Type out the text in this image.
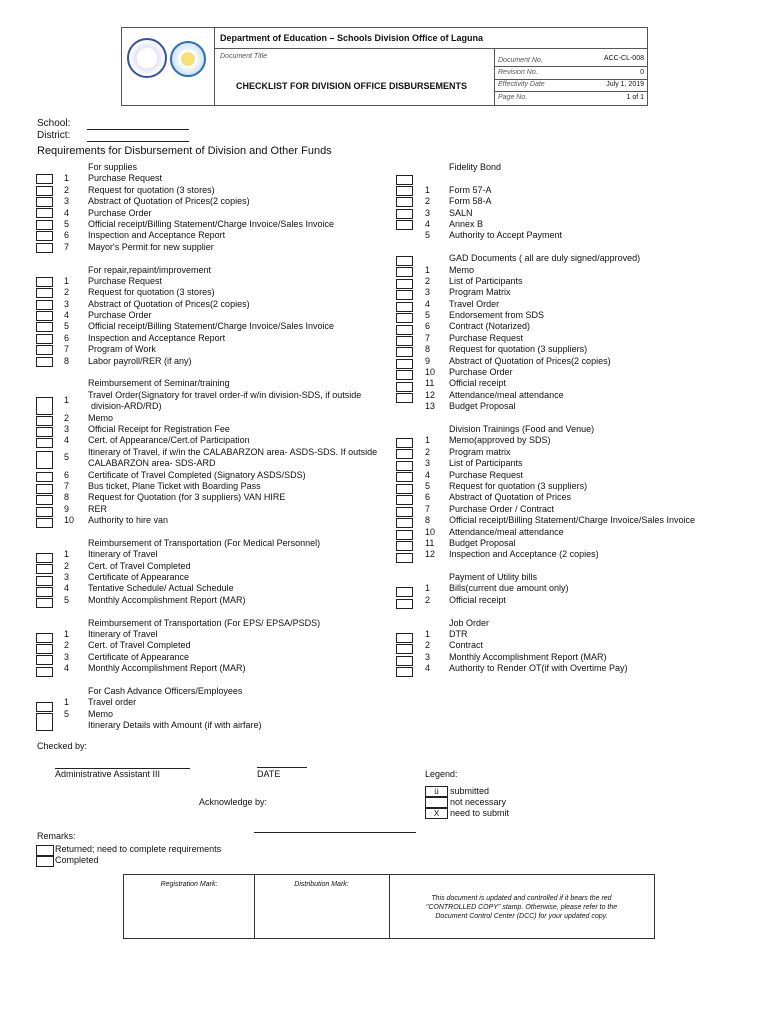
Department of Education – Schools Division Office of Laguna
Document Title
CHECKLIST FOR DIVISION OFFICE DISBURSEMENTS
Document No.	ACC-CL-008
Revision No.	0
Effectivity Date	July 1, 2019
Page No.	1 of 1
School:
District:
Requirements for Disbursement of Division and Other Funds
For supplies
1	Purchase Request
2	Request for quotation (3 stores)
3	Abstract of Quotation of Prices(2 copies)
4	Purchase Order
5	Official receipt/Billing Statement/Charge Invoice/Sales Invoice
6	Inspection and Acceptance Report
7	Mayor's Permit for new supplier
For repair,repaint/improvement
1	Purchase Request
2	Request for quotation (3 stores)
3	Abstract of Quotation of Prices(2 copies)
4	Purchase Order
5	Official receipt/Billing Statement/Charge Invoice/Sales Invoice
6	Inspection and Acceptance Report
7	Program of Work
8	Labor payroll/RER (if any)
Reimbursement of Seminar/training
1	Travel Order(Signatory for travel order-if w/in division-SDS, if outside
division-ARD/RD)
2	Memo
3	Official Receipt for Registration Fee
4	Cert. of Appearance/Cert.of Participation
5	Itinerary of Travel, if w/in the CALABARZON area- ASDS-SDS. If outside
CALABARZON area- SDS-ARD
6	Certificate of Travel Completed (Signatory ASDS/SDS)
7	Bus ticket, Plane Ticket with Boarding Pass
8	Request for Quotation (for 3 suppliers) VAN HIRE
9	RER
10 Authority to hire van
Reimbursement of Transportation (For Medical Personnel)
1	Itinerary of Travel
2	Cert. of Travel Completed
3	Certificate of Appearance
4	Tentative Schedule/ Actual Schedule
5	Monthly Accomplishment Report (MAR)
Reimbursement of Transportation (For EPS/ EPSA/PSDS)
1	Itinerary of Travel
2	Cert. of Travel Completed
3	Certificate of Appearance
4	Monthly Accomplishment Report (MAR)
For Cash Advance Officers/Employees
1	Travel order
5	Memo
Itinerary Details with Amount (if with airfare)
Fidelity Bond
1	Form 57-A
2	Form 58-A
3	SALN
4	Annex B
5	Authority to Accept Payment
GAD Documents ( all are duly signed/approved)
1	Memo
2	List of Participants
3	Program Matrix
4	Travel Order
5	Endorsement from SDS
6	Contract (Notarized)
7	Purchase Request
8	Request for quotation (3 suppliers)
9	Abstract of Quotation of Prices(2 copies)
10 Purchase Order
11 Official receipt
12 Attendance/meal attendance
13 Budget Proposal
Division Trainings (Food and Venue)
1	Memo(approved by SDS)
2	Program matrix
3	List of Participants
4	Purchase Request
5	Request for quotation (3 suppliers)
6	Abstract of Quotation of Prices
7	Purchase Order / Contract
8	Official receipt/Billing Statement/Charge Invoice/Sales Invoice
10 Attendance/meal attendance
11 Budget Proposal
12 Inspection and Acceptance (2 copies)
Payment of Utility bills
1	Bills(current due amount only)
2	Official receipt
Job Order
1	DTR
2	Contract
3	Monthly Accomplishment Report (MAR)
4	Authority to Render OT(if with Overtime Pay)
Checked by:
Administrative Assistant III	DATE
Acknowledge by:
Legend:
ü	submitted
not necessary
X	need to submit
Remarks:
Returned; need to complete requirements
Completed
Registration Mark:	Distribution Mark:
This document is updated and controlled if it bears the red "CONTROLLED COPY" stamp. Otherwise, please refer to the Document Control Center (DCC) for your updated copy.
